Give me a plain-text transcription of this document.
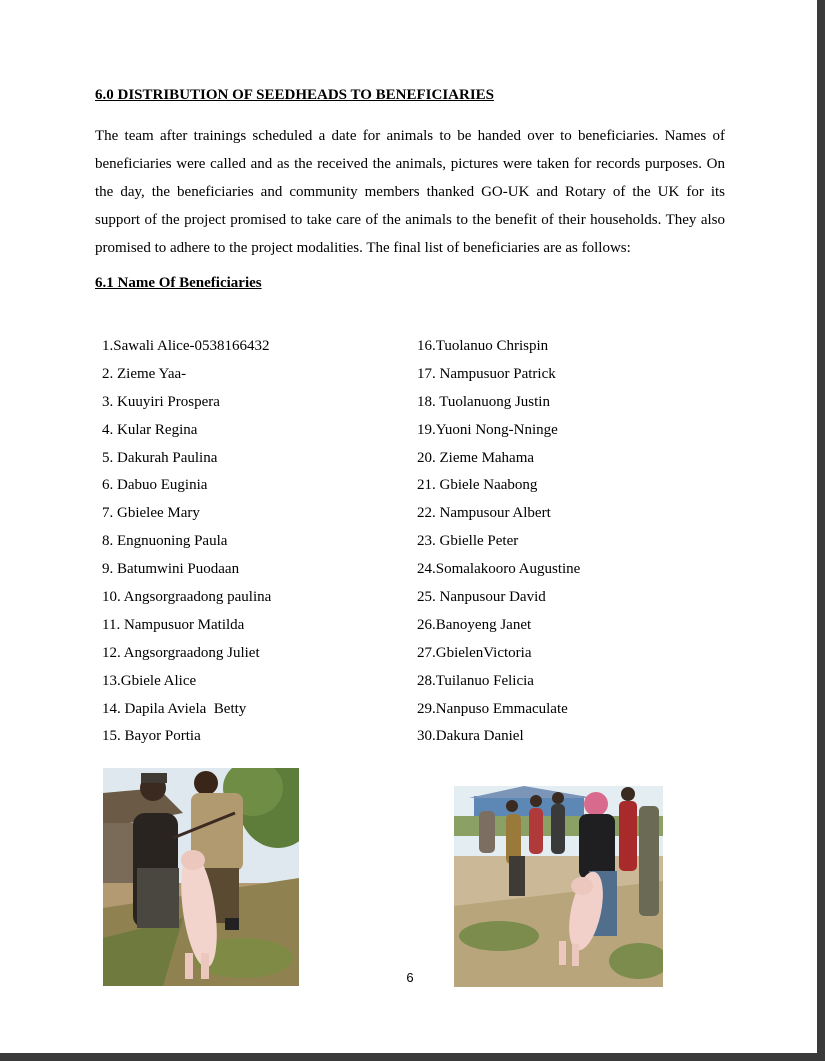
6.0 DISTRIBUTION OF SEEDHEADS TO BENEFICIARIES
The team after trainings scheduled a date for animals to be handed over to beneficiaries. Names of beneficiaries were called and as the received the animals, pictures were taken for records purposes. On the day, the beneficiaries and community members thanked GO-UK and Rotary of the UK for its support of the project promised to take care of the animals to the benefit of their households. They also promised to adhere to the project modalities. The final list of beneficiaries are as follows:
6.1 Name Of Beneficiaries
1.Sawali Alice-0538166432
2. Zieme Yaa-
3. Kuuyiri Prospera
4. Kular Regina
5. Dakurah Paulina
6. Dabuo Euginia
7. Gbielee Mary
8. Engnuoning Paula
9. Batumwini Puodaan
10. Angsorgraadong paulina
11. Nampusuor Matilda
12. Angsorgraadong Juliet
13.Gbiele Alice
14. Dapila Aviela  Betty
15. Bayor Portia
16.Tuolanuo Chrispin
17. Nampusuor Patrick
18. Tuolanuong Justin
19.Yuoni Nong-Nninge
20. Zieme Mahama
21. Gbiele Naabong
22. Nampusour Albert
23. Gbielle Peter
24.Somalakooro Augustine
25. Nanpusour David
26.Banoyeng Janet
27.GbielenVictoria
28.Tuilanuo Felicia
29.Nanpuso Emmaculate
30.Dakura Daniel
6
